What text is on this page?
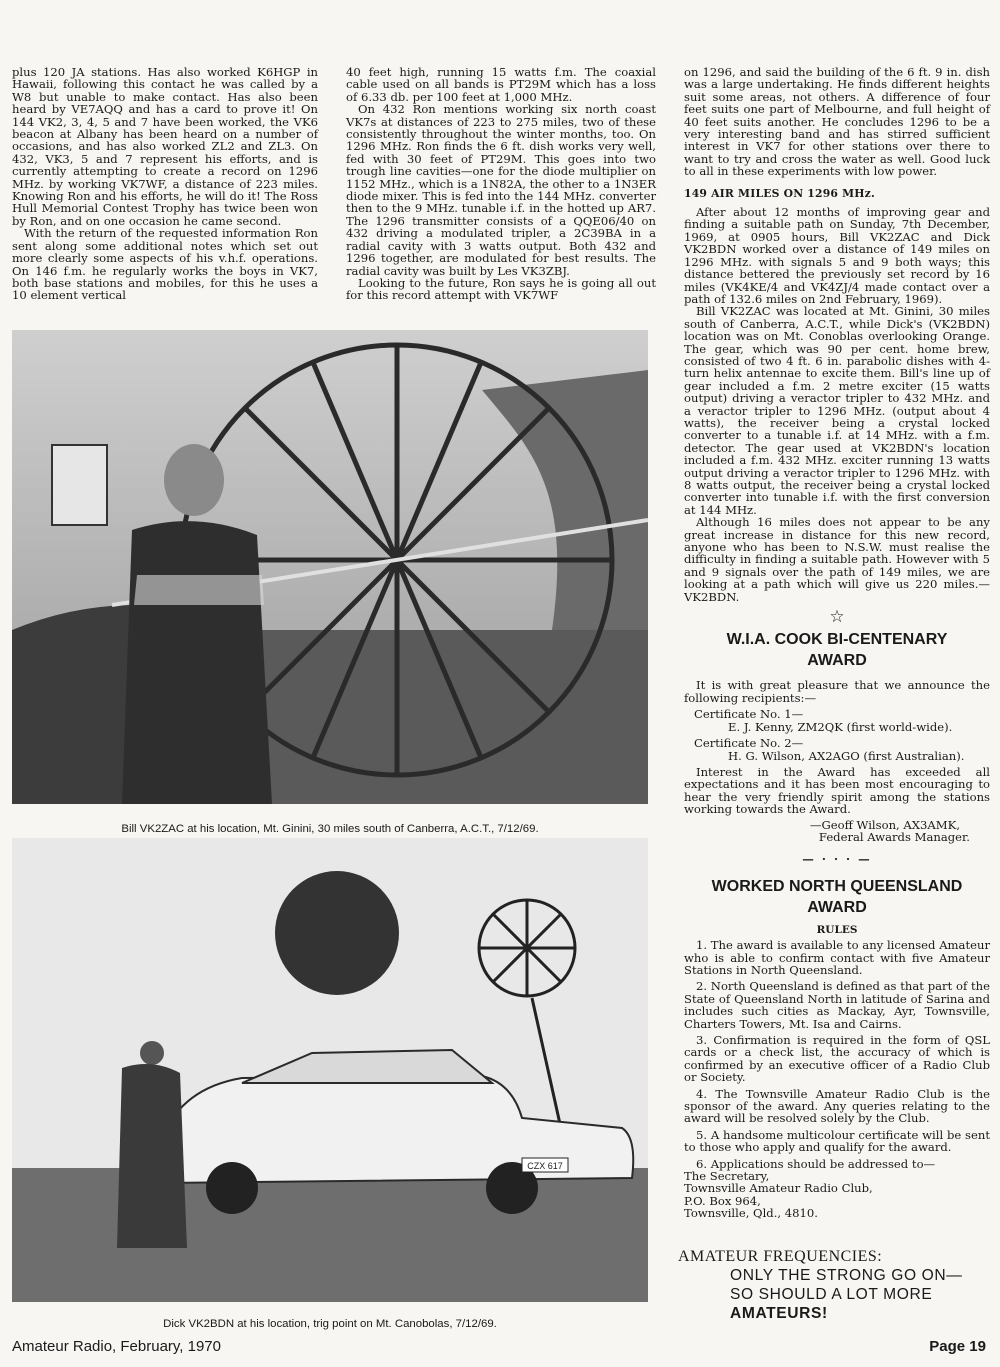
plus 120 JA stations. Has also worked K6HGP in Hawaii, following this contact he was called by a W8 but unable to make contact. Has also been heard by VE7AQQ and has a card to prove it! On 144 VK2, 3, 4, 5 and 7 have been worked, the VK6 beacon at Albany has been heard on a number of occasions, and has also worked ZL2 and ZL3. On 432, VK3, 5 and 7 represent his efforts, and is currently attempting to create a record on 1296 MHz. by working VK7WF, a distance of 223 miles. Knowing Ron and his efforts, he will do it! The Ross Hull Memorial Contest Trophy has twice been won by Ron, and on one occasion he came second.

With the return of the requested information Ron sent along some additional notes which set out more clearly some aspects of his v.h.f. operations. On 146 f.m. he regularly works the boys in VK7, both base stations and mobiles, for this he uses a 10 element vertical

40 feet high, running 15 watts f.m. The coaxial cable used on all bands is PT29M which has a loss of 6.33 db. per 100 feet at 1,000 MHz.

On 432 Ron mentions working six north coast VK7s at distances of 223 to 275 miles, two of these consistently throughout the winter months, too. On 1296 MHz. Ron finds the 6 ft. dish works very well, fed with 30 feet of PT29M. This goes into two trough line cavities—one for the diode multiplier on 1152 MHz., which is a 1N82A, the other to a 1N3ER diode mixer. This is fed into the 144 MHz. converter then to the 9 MHz. tunable i.f. in the hotted up AR7. The 1296 transmitter consists of a QQE06/40 on 432 driving a modulated tripler, a 2C39BA in a radial cavity with 3 watts output. Both 432 and 1296 together, are modulated for best results. The radial cavity was built by Les VK3ZBJ.

Looking to the future, Ron says he is going all out for this record attempt with VK7WF

Bill VK2ZAC at his location, Mt. Ginini, 30 miles south of Canberra, A.C.T., 7/12/69.
CZX 617
Dick VK2BDN at his location, trig point on Mt. Canobolas, 7/12/69.

on 1296, and said the building of the 6 ft. 9 in. dish was a large undertaking. He finds different heights suit some areas, not others. A difference of four feet suits one part of Melbourne, and full height of 40 feet suits another. He concludes 1296 to be a very interesting band and has stirred sufficient interest in VK7 for other stations over there to want to try and cross the water as well. Good luck to all in these experiments with low power.

149 AIR MILES ON 1296 MHz.

After about 12 months of improving gear and finding a suitable path on Sunday, 7th December, 1969, at 0905 hours, Bill VK2ZAC and Dick VK2BDN worked over a distance of 149 miles on 1296 MHz. with signals 5 and 9 both ways; this distance bettered the previously set record by 16 miles (VK4KE/4 and VK4ZJ/4 made contact over a path of 132.6 miles on 2nd February, 1969).

Bill VK2ZAC was located at Mt. Ginini, 30 miles south of Canberra, A.C.T., while Dick's (VK2BDN) location was on Mt. Conoblas overlooking Orange. The gear, which was 90 per cent. home brew, consisted of two 4 ft. 6 in. parabolic dishes with 4-turn helix antennae to excite them. Bill's line up of gear included a f.m. 2 metre exciter (15 watts output) driving a veractor tripler to 432 MHz. and a veractor tripler to 1296 MHz. (output about 4 watts), the receiver being a crystal locked converter to a tunable i.f. at 14 MHz. with a f.m. detector. The gear used at VK2BDN's location included a f.m. 432 MHz. exciter running 13 watts output driving a veractor tripler to 1296 MHz. with 8 watts output, the receiver being a crystal locked converter into tunable i.f. with the first conversion at 144 MHz.

Although 16 miles does not appear to be any great increase in distance for this new record, anyone who has been to N.S.W. must realise the difficulty in finding a suitable path. However with 5 and 9 signals over the path of 149 miles, we are looking at a path which will give us 220 miles.—VK2BDN.

☆
W.I.A. COOK BI-CENTENARY AWARD

It is with great pleasure that we announce the following recipients:—

Certificate No. 1—
E. J. Kenny, ZM2QK (first world-wide).
Certificate No. 2—
H. G. Wilson, AX2AGO (first Australian).

Interest in the Award has exceeded all expectations and it has been most encouraging to hear the very friendly spirit among the stations working towards the Award.

—Geoff Wilson, AX3AMK,
Federal Awards Manager.
— · · · —
WORKED NORTH QUEENSLAND AWARD
RULES

1. The award is available to any licensed Amateur who is able to confirm contact with five Amateur Stations in North Queensland.

2. North Queensland is defined as that part of the State of Queensland North in latitude of Sarina and includes such cities as Mackay, Ayr, Townsville, Charters Towers, Mt. Isa and Cairns.

3. Confirmation is required in the form of QSL cards or a check list, the accuracy of which is confirmed by an executive officer of a Radio Club or Society.

4. The Townsville Amateur Radio Club is the sponsor of the award. Any queries relating to the award will be resolved solely by the Club.

5. A handsome multicolour certificate will be sent to those who apply and qualify for the award.

6. Applications should be addressed to—

The Secretary,

Townsville Amateur Radio Club,

P.O. Box 964,

Townsville, Qld., 4810.

AMATEUR FREQUENCIES:
ONLY THE STRONG GO ON—
SO SHOULD A LOT MORE
AMATEURS!
Amateur Radio, February, 1970	Page 19
